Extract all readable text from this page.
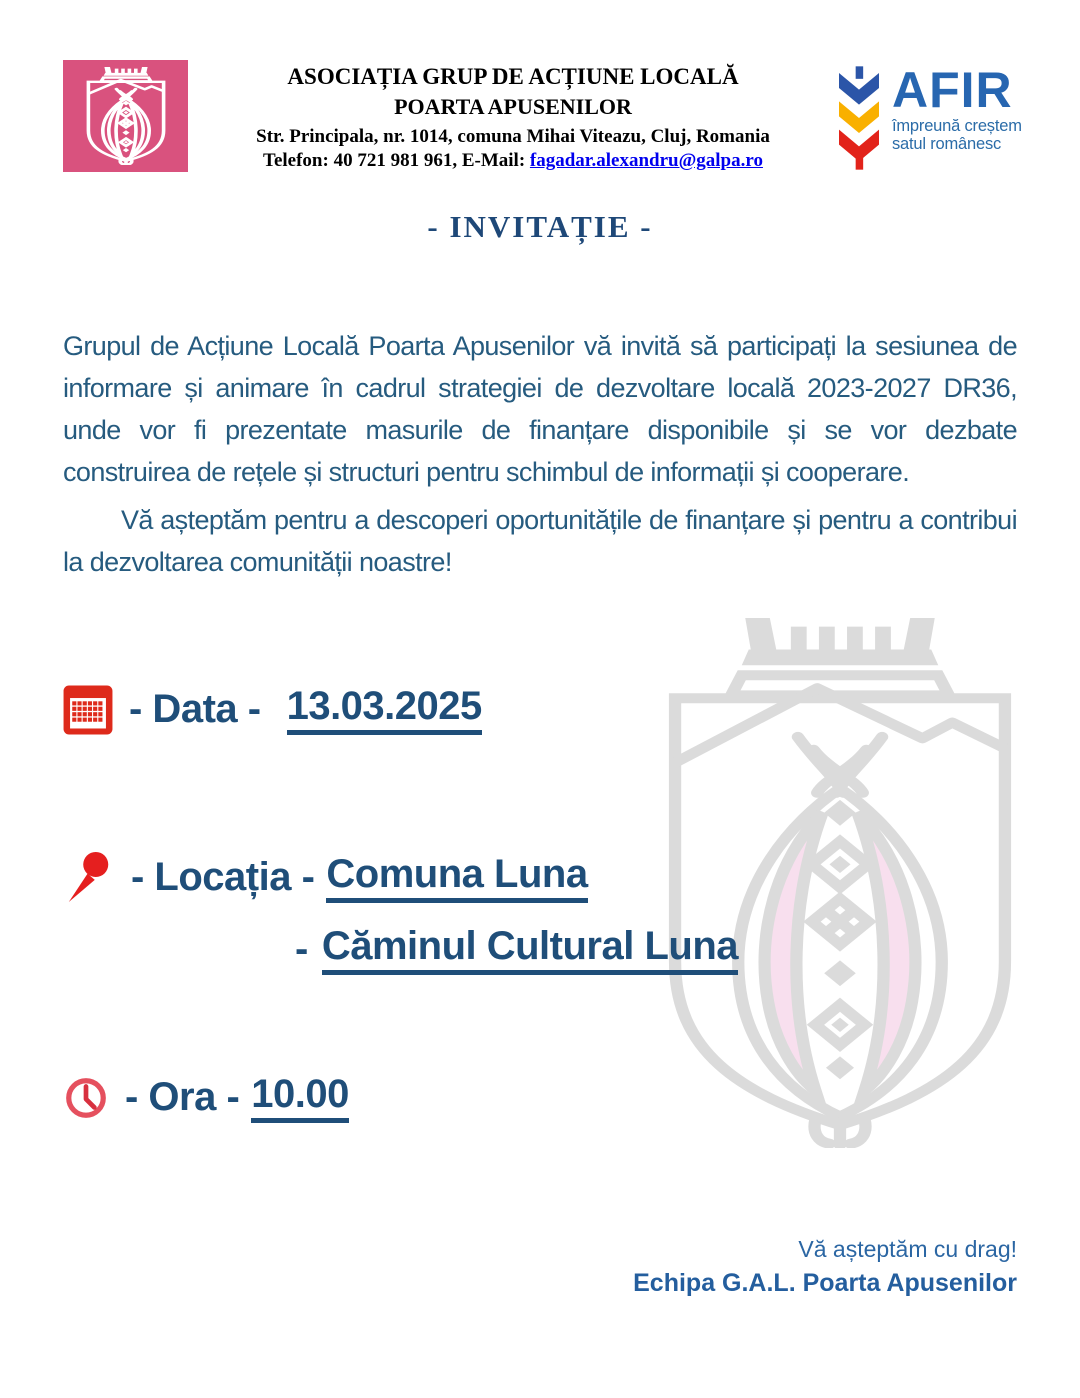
ASOCIAȚIA GRUP DE ACȚIUNE LOCALĂ
POARTA APUSENILOR
Str. Principala, nr. 1014, comuna Mihai Viteazu, Cluj, Romania
Telefon: 40 721 981 961, E-Mail: fagadar.alexandru@galpa.ro
AFIR
împreună creștem
satul românesc
- INVITAȚIE -

Grupul de Acțiune Locală Poarta Apusenilor vă invită să participați la sesiunea de informare și animare în cadrul strategiei de dezvoltare locală 2023-2027 DR36, unde vor fi prezentate masurile de finanțare disponibile și se vor dezbate construirea de rețele și structuri pentru schimbul de informații și cooperare.

Vă așteptăm pentru a descoperi oportunitățile de finanțare și pentru a contribui la dezvoltarea comunității noastre!

- Data - 13.03.2025
- Locația - Comuna Luna
- Căminul Cultural Luna
- Ora - 10.00
Vă așteptăm cu drag!
Echipa G.A.L. Poarta Apusenilor
